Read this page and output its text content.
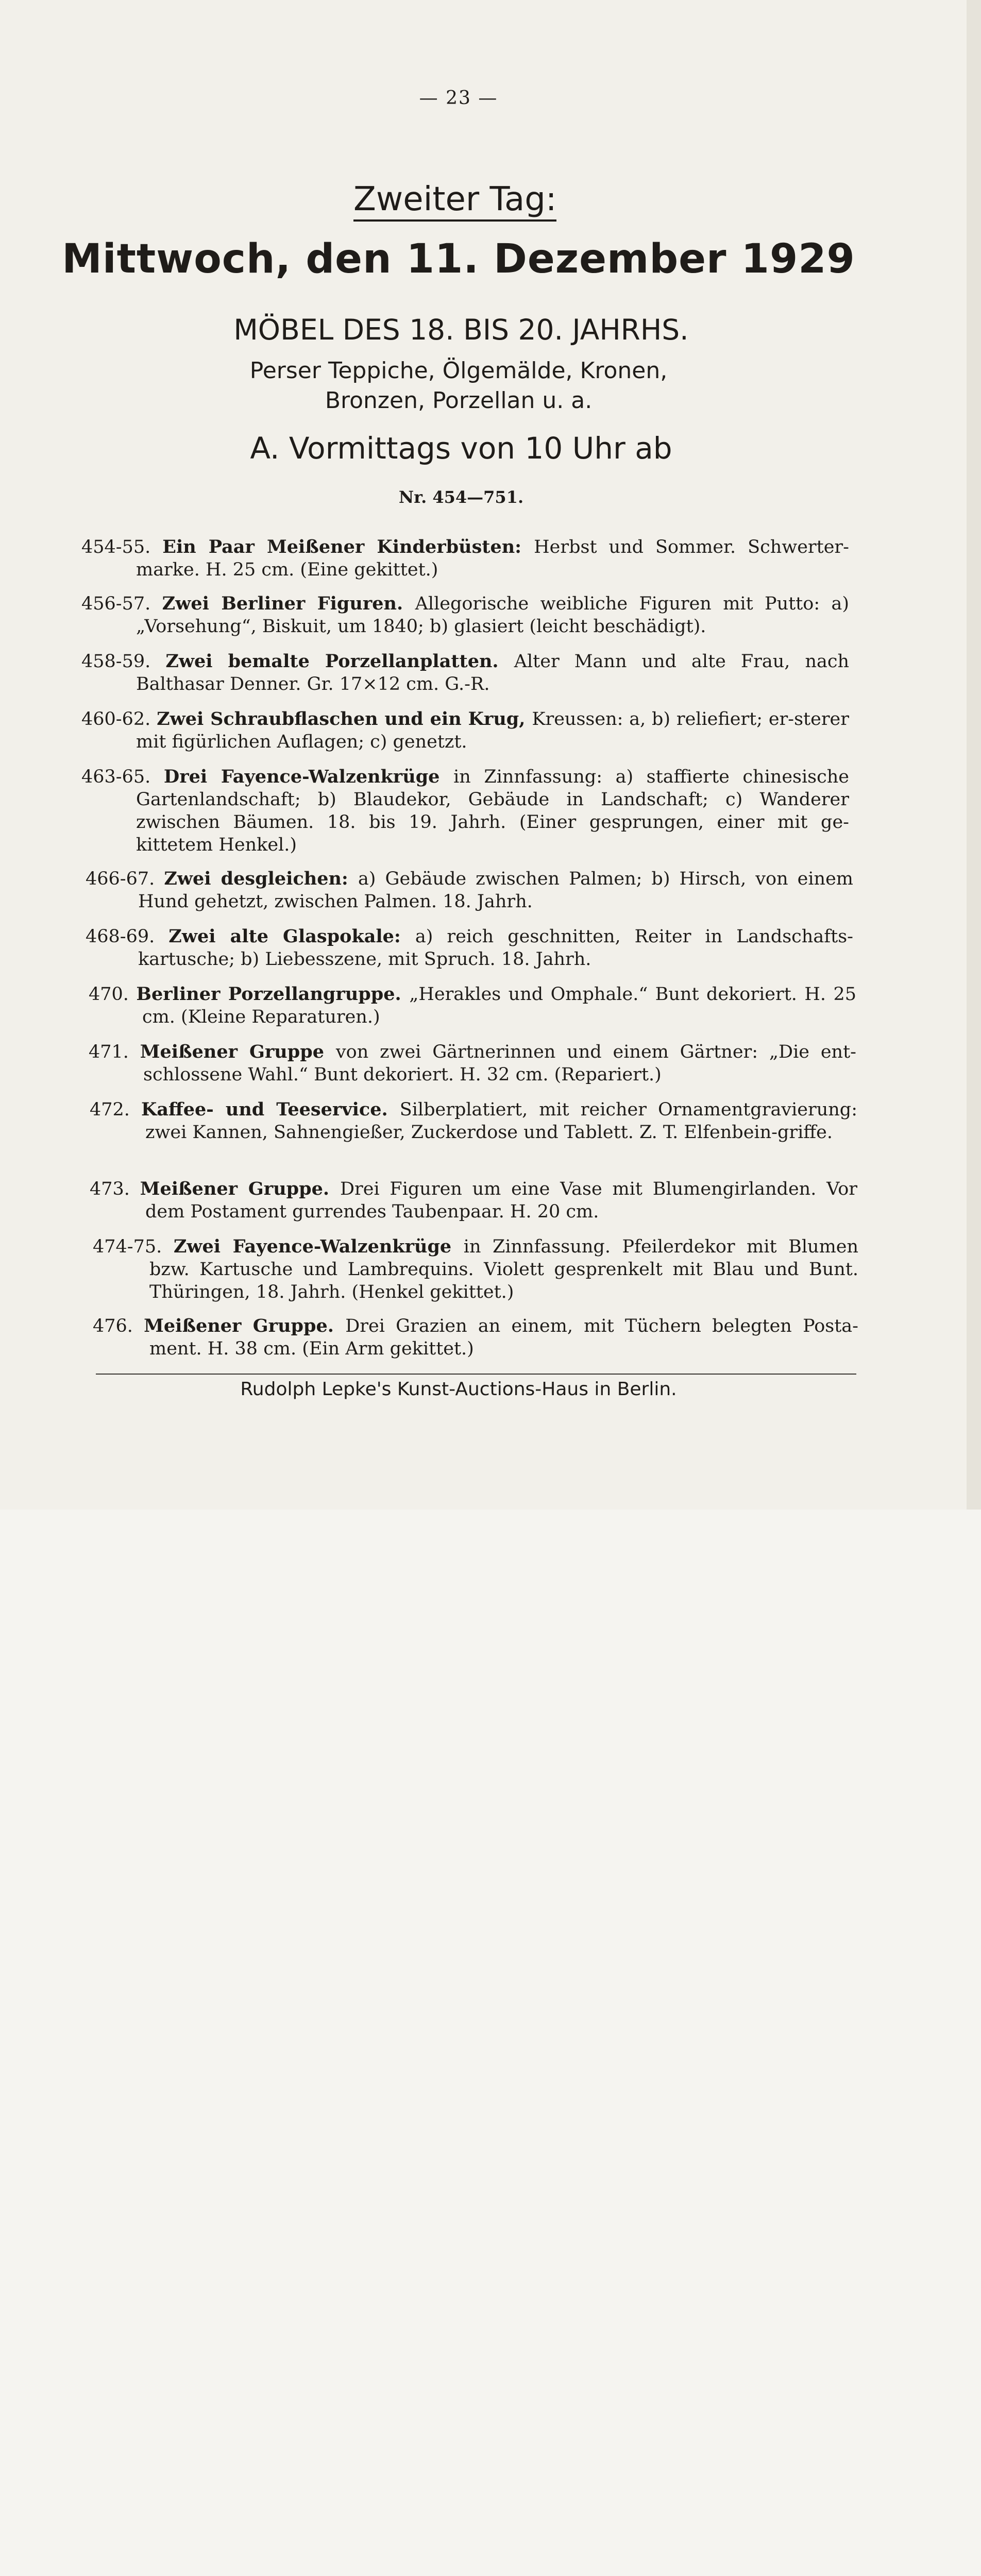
— 23 —
Zweiter Tag:
Mittwoch, den 11. Dezember 1929
MÖBEL DES 18. BIS 20. JAHRHS.
Perser Teppiche, Ölgemälde, Kronen,
Bronzen, Porzellan u. a.
A. Vormittags von 10 Uhr ab
Nr. 454—751.
454-55. Ein Paar Meißener Kinderbüsten: Herbst und Sommer. Schwerter-marke. H. 25 cm. (Eine gekittet.)
456-57. Zwei Berliner Figuren. Allegorische weibliche Figuren mit Putto: a) „Vorsehung“, Biskuit, um 1840; b) glasiert (leicht beschädigt).
458-59. Zwei bemalte Porzellanplatten. Alter Mann und alte Frau, nach Balthasar Denner. Gr. 17×12 cm. G.-R.
460-62. Zwei Schraubflaschen und ein Krug, Kreussen: a, b) reliefiert; er-sterer mit figürlichen Auflagen; c) genetzt.
463-65. Drei Fayence-Walzenkrüge in Zinnfassung: a) staffierte chinesische Gartenlandschaft; b) Blaudekor, Gebäude in Landschaft; c) Wanderer zwischen Bäumen. 18. bis 19. Jahrh. (Einer gesprungen, einer mit ge-kittetem Henkel.)
466-67. Zwei desgleichen: a) Gebäude zwischen Palmen; b) Hirsch, von einem Hund gehetzt, zwischen Palmen. 18. Jahrh.
468-69. Zwei alte Glaspokale: a) reich geschnitten, Reiter in Landschafts-kartusche; b) Liebesszene, mit Spruch. 18. Jahrh.
470. Berliner Porzellangruppe. „Herakles und Omphale.“ Bunt dekoriert. H. 25 cm. (Kleine Reparaturen.)
471. Meißener Gruppe von zwei Gärtnerinnen und einem Gärtner: „Die ent-schlossene Wahl.“ Bunt dekoriert. H. 32 cm. (Repariert.)
472. Kaffee- und Teeservice. Silberplatiert, mit reicher Ornamentgravierung: zwei Kannen, Sahnengießer, Zuckerdose und Tablett. Z. T. Elfenbein-griffe.
473. Meißener Gruppe. Drei Figuren um eine Vase mit Blumengirlanden. Vor dem Postament gurrendes Taubenpaar. H. 20 cm.
474-75. Zwei Fayence-Walzenkrüge in Zinnfassung. Pfeilerdekor mit Blumen bzw. Kartusche und Lambrequins. Violett gesprenkelt mit Blau und Bunt. Thüringen, 18. Jahrh. (Henkel gekittet.)
476. Meißener Gruppe. Drei Grazien an einem, mit Tüchern belegten Posta-ment. H. 38 cm. (Ein Arm gekittet.)
Rudolph Lepke's Kunst-Auctions-Haus in Berlin.
